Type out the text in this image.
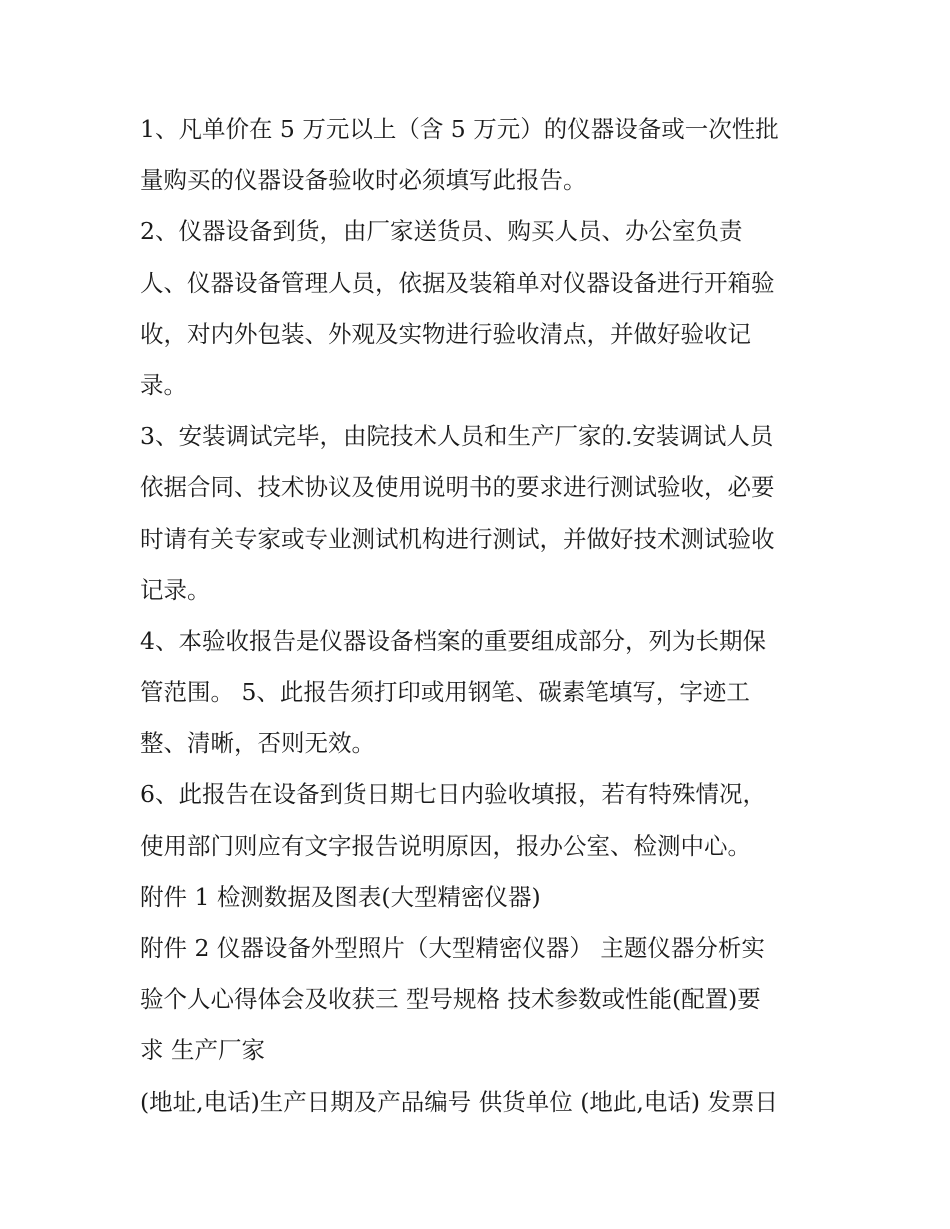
1、凡单价在 5 万元以上（含 5 万元）的仪器设备或一次性批
量购买的仪器设备验收时必须填写此报告。
2、仪器设备到货，由厂家送货员、购买人员、办公室负责
人、仪器设备管理人员，依据及装箱单对仪器设备进行开箱验
收，对内外包装、外观及实物进行验收清点，并做好验收记
录。
3、安装调试完毕，由院技术人员和生产厂家的.安装调试人员
依据合同、技术协议及使用说明书的要求进行测试验收，必要
时请有关专家或专业测试机构进行测试，并做好技术测试验收
记录。
4、本验收报告是仪器设备档案的重要组成部分，列为长期保
管范围。 5、此报告须打印或用钢笔、碳素笔填写，字迹工
整、清晰，否则无效。
6、此报告在设备到货日期七日内验收填报，若有特殊情况，
使用部门则应有文字报告说明原因，报办公室、检测中心。
附件 1 检测数据及图表(大型精密仪器)
附件 2 仪器设备外型照片（大型精密仪器） 主题仪器分析实
验个人心得体会及收获三 型号规格 技术参数或性能(配置)要
求 生产厂家
(地址,电话)生产日期及产品编号 供货单位 (地此,电话) 发票日
